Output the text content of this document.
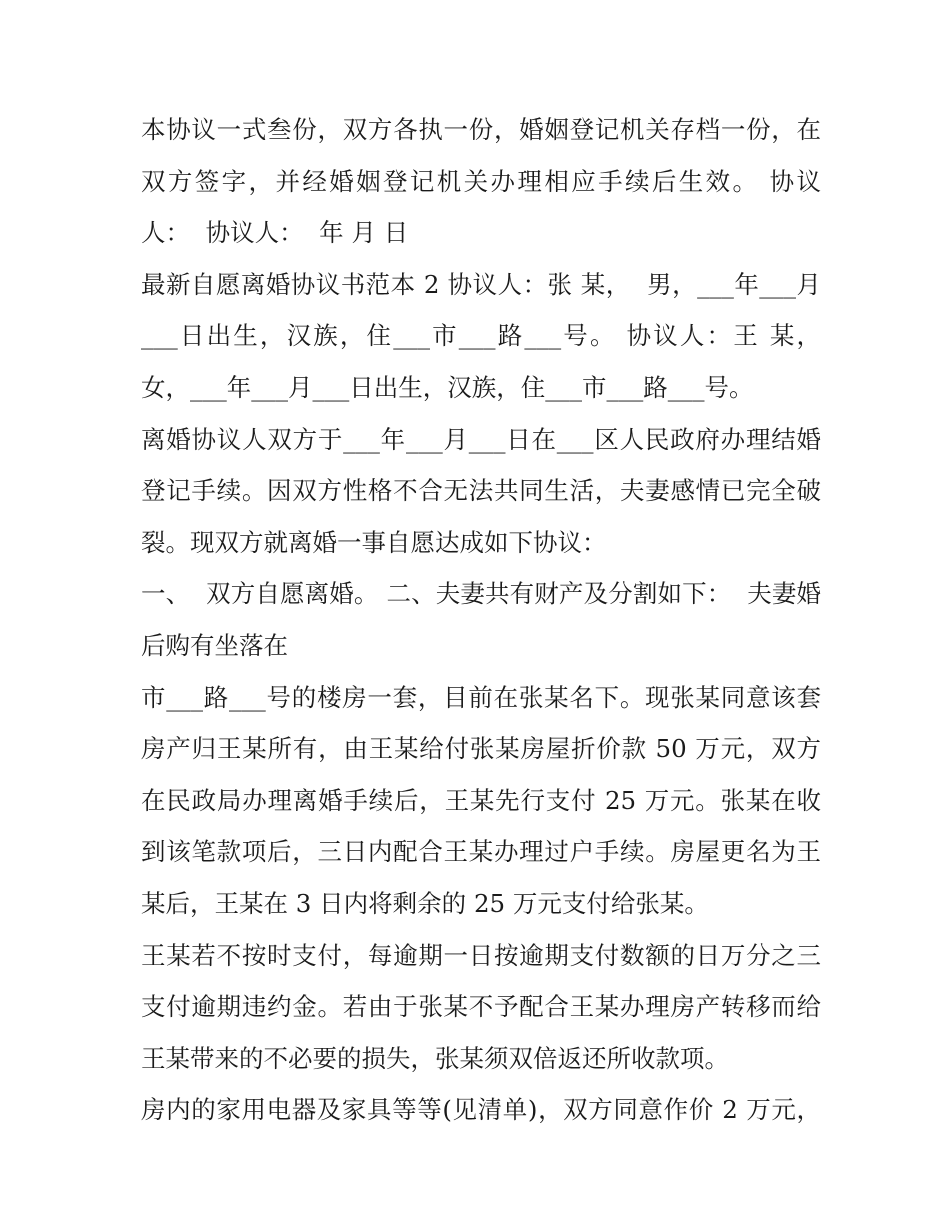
本协议一式叁份，双方各执一份，婚姻登记机关存档一份，在
双方签字，并经婚姻登记机关办理相应手续后生效。 协议
人：  协议人：  年 月 日
最新自愿离婚协议书范本 2 协议人：张 某，  男，___年___月
___日出生，汉族，住___市___路___号。 协议人：王 某，
女，___年___月___日出生，汉族，住___市___路___号。
离婚协议人双方于___年___月___日在___区人民政府办理结婚
登记手续。因双方性格不合无法共同生活，夫妻感情已完全破
裂。现双方就离婚一事自愿达成如下协议：
一、  双方自愿离婚。 二、夫妻共有财产及分割如下：  夫妻婚
后购有坐落在
市___路___号的楼房一套，目前在张某名下。现张某同意该套
房产归王某所有，由王某给付张某房屋折价款 50 万元，双方
在民政局办理离婚手续后，王某先行支付 25 万元。张某在收
到该笔款项后，三日内配合王某办理过户手续。房屋更名为王
某后，王某在 3 日内将剩余的 25 万元支付给张某。
王某若不按时支付，每逾期一日按逾期支付数额的日万分之三
支付逾期违约金。若由于张某不予配合王某办理房产转移而给
王某带来的不必要的损失，张某须双倍返还所收款项。
房内的家用电器及家具等等(见清单)，双方同意作价 2 万元，
